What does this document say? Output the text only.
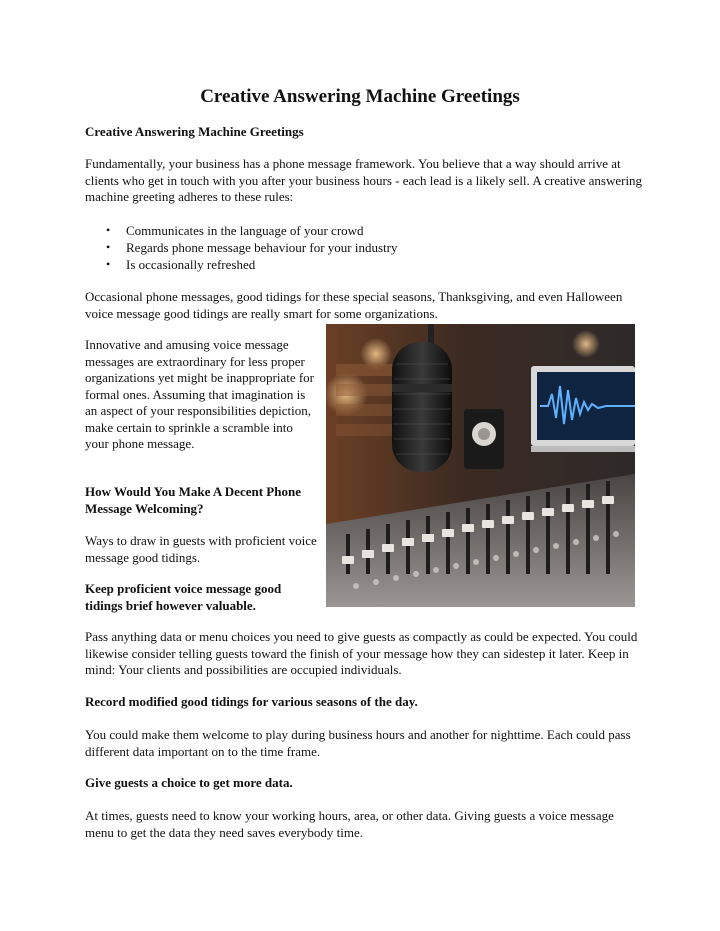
Creative Answering Machine Greetings

Creative Answering Machine Greetings

Fundamentally, your business has a phone message framework. You believe that a way should arrive at clients who get in touch with you after your business hours - each lead is a likely sell. A creative answering machine greeting adheres to these rules:

• Communicates in the language of your crowd
• Regards phone message behaviour for your industry
• Is occasionally refreshed

Occasional phone messages, good tidings for these special seasons, Thanksgiving, and even Halloween voice message good tidings are really smart for some organizations.

Innovative and amusing voice message messages are extraordinary for less proper organizations yet might be inappropriate for formal ones. Assuming that imagination is an aspect of your responsibilities depiction, make certain to sprinkle a scramble into your phone message.

How Would You Make A Decent Phone Message Welcoming?

Ways to draw in guests with proficient voice message good tidings.

Keep proficient voice message good tidings brief however valuable.

Pass anything data or menu choices you need to give guests as compactly as could be expected. You could likewise consider telling guests toward the finish of your message how they can sidestep it later. Keep in mind: Your clients and possibilities are occupied individuals.

Record modified good tidings for various seasons of the day.

You could make them welcome to play during business hours and another for nighttime. Each could pass different data important on to the time frame.

Give guests a choice to get more data.

At times, guests need to know your working hours, area, or other data. Giving guests a voice message menu to get the data they need saves everybody time.
